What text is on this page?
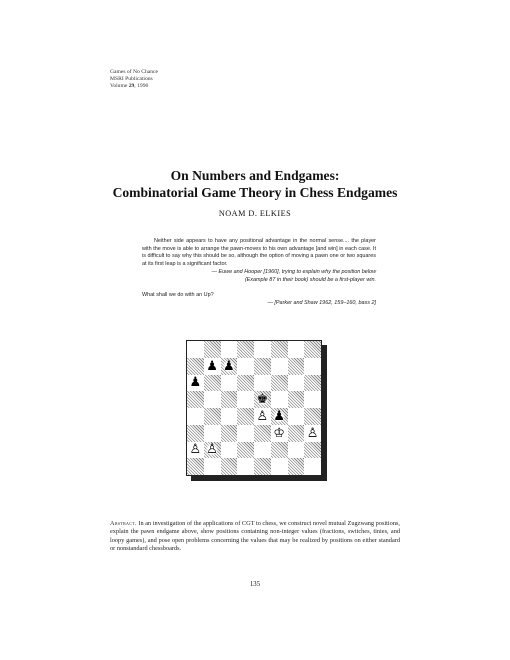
Games of No Chance
MSRI Publications
Volume 29, 1996
On Numbers and Endgames:
Combinatorial Game Theory in Chess Endgames
NOAM D. ELKIES

Neither side appears to have any positional advantage in the normal sense.... the player with the move is able to arrange the pawn-moves to his own advantage [and win] in each case. It is difficult to say why this should be so, although the option of moving a pawn one or two squares at its first leap is a significant factor.

— Euwe and Hooper [1960], trying to explain why the position below

(Example 87 in their book) should be a first-player win.

What shall we do with an Up?

— [Parker and Shaw 1962, 159–160, bass 2]

♟ ♟
♟
♚
♙ ♟
♔ ♙
♙ ♙
Abstract. In an investigation of the applications of CGT to chess, we construct novel mutual Zugzwang positions, explain the pawn endgame above, show positions containing non-integer values (fractions, switches, tinies, and loopy games), and pose open problems concerning the values that may be realized by positions on either standard or nonstandard chessboards.
135
